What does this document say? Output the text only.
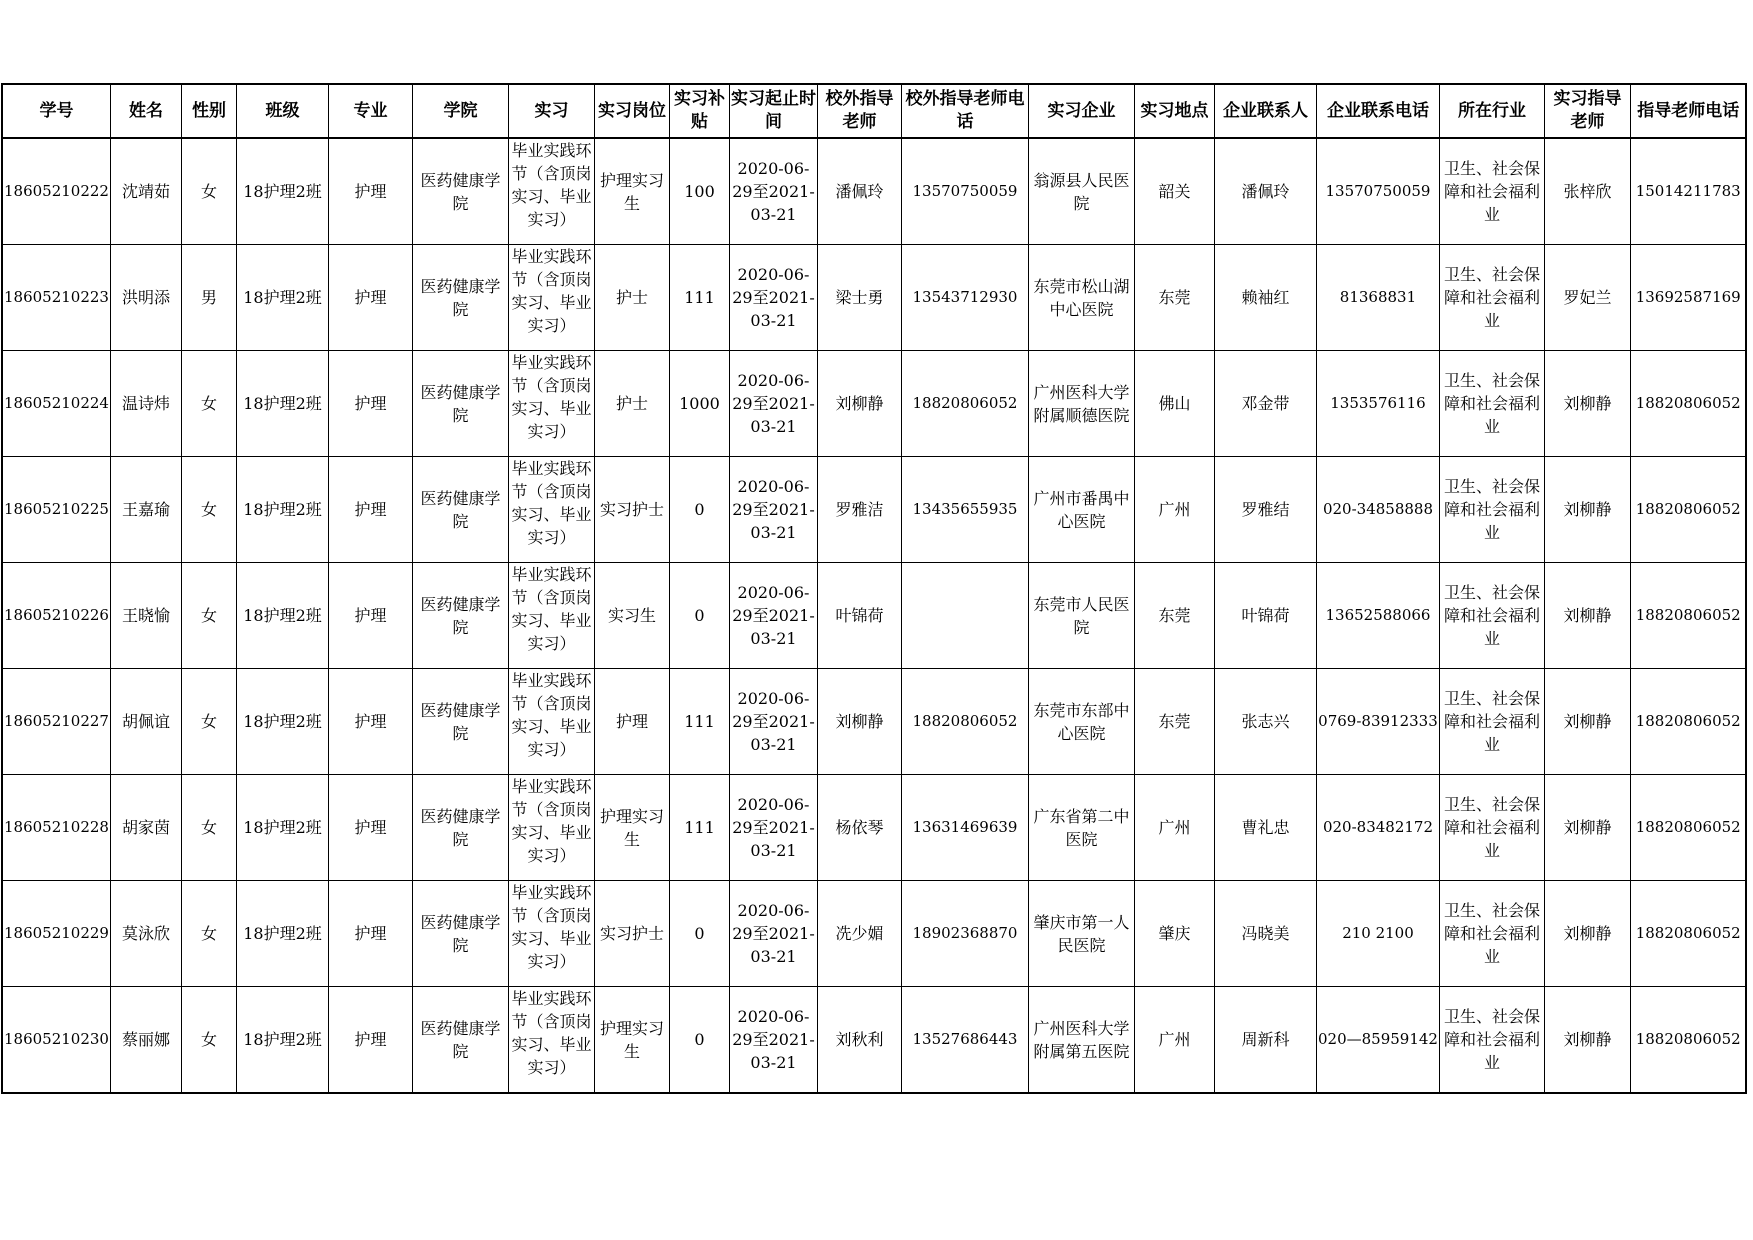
学号	姓名	性别	班级	专业	学院	实习	实习岗位	实习补贴	实习起止时间	校外指导老师	校外指导老师电话	实习企业	实习地点	企业联系人	企业联系电话	所在行业	实习指导老师	指导老师电话

18605210222	沈靖茹	女	18护理2班	护理	医药健康学院	毕业实践环节（含顶岗实习、毕业实习）	护理实习生	100	2020-06-29至2021-03-21	潘佩玲	13570750059	翁源县人民医院	韶关	潘佩玲	13570750059	卫生、社会保障和社会福利业	张梓欣	15014211783

18605210223	洪明添	男	18护理2班	护理	医药健康学院	毕业实践环节（含顶岗实习、毕业实习）	护士	111	2020-06-29至2021-03-21	梁士勇	13543712930	东莞市松山湖中心医院	东莞	赖袖红	81368831	卫生、社会保障和社会福利业	罗妃兰	13692587169

18605210224	温诗炜	女	18护理2班	护理	医药健康学院	毕业实践环节（含顶岗实习、毕业实习）	护士	1000	2020-06-29至2021-03-21	刘柳静	18820806052	广州医科大学附属顺德医院	佛山	邓金带	1353576116	卫生、社会保障和社会福利业	刘柳静	18820806052

18605210225	王嘉瑜	女	18护理2班	护理	医药健康学院	毕业实践环节（含顶岗实习、毕业实习）	实习护士	0	2020-06-29至2021-03-21	罗雅洁	13435655935	广州市番禺中心医院	广州	罗雅结	020-34858888	卫生、社会保障和社会福利业	刘柳静	18820806052

18605210226	王晓愉	女	18护理2班	护理	医药健康学院	毕业实践环节（含顶岗实习、毕业实习）	实习生	0	2020-06-29至2021-03-21	叶锦荷		东莞市人民医院	东莞	叶锦荷	13652588066	卫生、社会保障和社会福利业	刘柳静	18820806052

18605210227	胡佩谊	女	18护理2班	护理	医药健康学院	毕业实践环节（含顶岗实习、毕业实习）	护理	111	2020-06-29至2021-03-21	刘柳静	18820806052	东莞市东部中心医院	东莞	张志兴	0769-83912333	卫生、社会保障和社会福利业	刘柳静	18820806052

18605210228	胡家茵	女	18护理2班	护理	医药健康学院	毕业实践环节（含顶岗实习、毕业实习）	护理实习生	111	2020-06-29至2021-03-21	杨依琴	13631469639	广东省第二中医院	广州	曹礼忠	020-83482172	卫生、社会保障和社会福利业	刘柳静	18820806052

18605210229	莫泳欣	女	18护理2班	护理	医药健康学院	毕业实践环节（含顶岗实习、毕业实习）	实习护士	0	2020-06-29至2021-03-21	冼少媚	18902368870	肇庆市第一人民医院	肇庆	冯晓美	210 2100	卫生、社会保障和社会福利业	刘柳静	18820806052

18605210230	蔡丽娜	女	18护理2班	护理	医药健康学院	毕业实践环节（含顶岗实习、毕业实习）	护理实习生	0	2020-06-29至2021-03-21	刘秋利	13527686443	广州医科大学附属第五医院	广州	周新科	020—85959142	卫生、社会保障和社会福利业	刘柳静	18820806052
